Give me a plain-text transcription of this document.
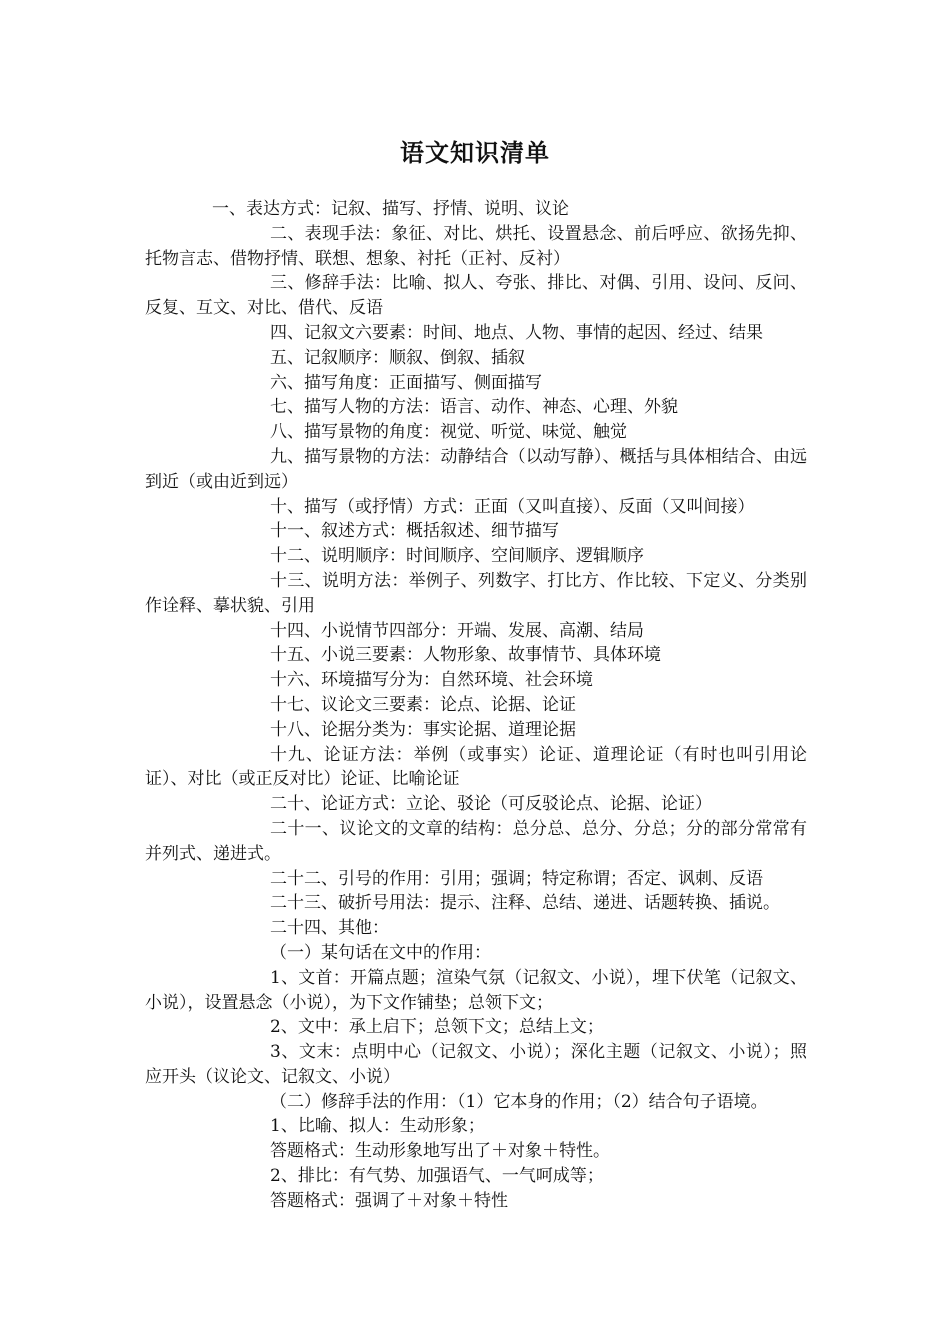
语文知识清单

一、表达方式：记叙、描写、抒情、说明、议论

二、表现手法：象征、对比、烘托、设置悬念、前后呼应、欲扬先抑、托物言志、借物抒情、联想、想象、衬托（正衬、反衬）

三、修辞手法：比喻、拟人、夸张、排比、对偶、引用、设问、反问、反复、互文、对比、借代、反语

四、记叙文六要素：时间、地点、人物、事情的起因、经过、结果

五、记叙顺序：顺叙、倒叙、插叙

六、描写角度：正面描写、侧面描写

七、描写人物的方法：语言、动作、神态、心理、外貌

八、描写景物的角度：视觉、听觉、味觉、触觉

九、描写景物的方法：动静结合（以动写静）、概括与具体相结合、由远到近（或由近到远）

十、描写（或抒情）方式：正面（又叫直接）、反面（又叫间接）

十一、叙述方式：概括叙述、细节描写

十二、说明顺序：时间顺序、空间顺序、逻辑顺序

十三、说明方法：举例子、列数字、打比方、作比较、下定义、分类别作诠释、摹状貌、引用

十四、小说情节四部分：开端、发展、高潮、结局

十五、小说三要素：人物形象、故事情节、具体环境

十六、环境描写分为：自然环境、社会环境

十七、议论文三要素：论点、论据、论证

十八、论据分类为：事实论据、道理论据

十九、论证方法：举例（或事实）论证、道理论证（有时也叫引用论证）、对比（或正反对比）论证、比喻论证

二十、论证方式：立论、驳论（可反驳论点、论据、论证）

二十一、议论文的文章的结构：总分总、总分、分总；分的部分常常有并列式、递进式。

二十二、引号的作用：引用；强调；特定称谓；否定、讽刺、反语

二十三、破折号用法：提示、注释、总结、递进、话题转换、插说。

二十四、其他：

（一）某句话在文中的作用：

1、文首：开篇点题；渲染气氛（记叙文、小说），埋下伏笔（记叙文、小说），设置悬念（小说），为下文作铺垫；总领下文；

2、文中：承上启下；总领下文；总结上文；

3、文末：点明中心（记叙文、小说）；深化主题（记叙文、小说）；照应开头（议论文、记叙文、小说）

（二）修辞手法的作用：（1）它本身的作用；（2）结合句子语境。

1、比喻、拟人：生动形象；

答题格式：生动形象地写出了＋对象＋特性。

2、排比：有气势、加强语气、一气呵成等；

答题格式：强调了＋对象＋特性
